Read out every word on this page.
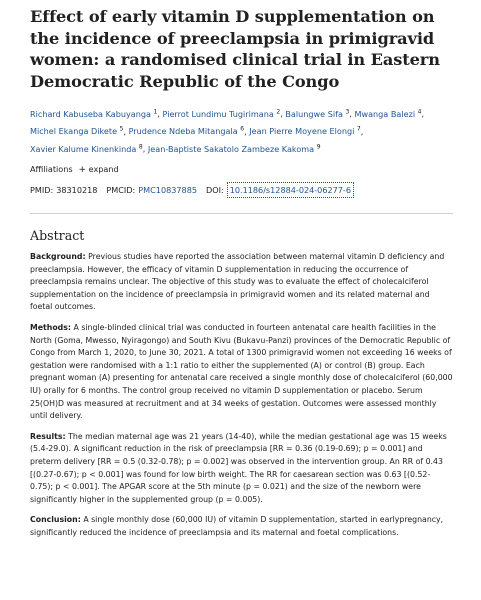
Effect of early vitamin D supplementation on the incidence of preeclampsia in primigravid women: a randomised clinical trial in Eastern Democratic Republic of the Congo
Richard Kabuseba Kabuyanga $^1$, Pierrot Lundimu Tugirimana $^2$, Balungwe Sifa $^3$, Mwanga Balezi $^4$,
Michel Ekanga Dikete $^5$, Prudence Ndeba Mitangala $^6$, Jean Pierre Moyene Elongi $^7$,
Xavier Kalume Kinenkinda $^8$, Jean-Baptiste Sakatolo Zambeze Kakoma $^9$
Affiliations + expand
PMID: 38310218 PMCID: PMC10837885 DOI: 10.1186/s12884-024-06277-6
Abstract

Background: Previous studies have reported the association between maternal vitamin D deficiency and preeclampsia. However, the efficacy of vitamin D supplementation in reducing the occurrence of preeclampsia remains unclear. The objective of this study was to evaluate the effect of cholecalciferol supplementation on the incidence of preeclampsia in primigravid women and its related maternal and foetal outcomes.

Methods: A single-blinded clinical trial was conducted in fourteen antenatal care health facilities in the North (Goma, Mwesso, Nyiragongo) and South Kivu (Bukavu-Panzi) provinces of the Democratic Republic of Congo from March 1, 2020, to June 30, 2021. A total of 1300 primigravid women not exceeding 16 weeks of gestation were randomised with a 1:1 ratio to either the supplemented (A) or control (B) group. Each pregnant woman (A) presenting for antenatal care received a single monthly dose of cholecalciferol (60,000 IU) orally for 6 months. The control group received no vitamin D supplementation or placebo. Serum 25(OH)D was measured at recruitment and at 34 weeks of gestation. Outcomes were assessed monthly until delivery.

Results: The median maternal age was 21 years (14-40), while the median gestational age was 15 weeks (5.4-29.0). A significant reduction in the risk of preeclampsia [RR = 0.36 (0.19-0.69); p = 0.001] and preterm delivery [RR = 0.5 (0.32-0.78); p = 0.002] was observed in the intervention group. An RR of 0.43 [(0.27-0.67); p < 0.001] was found for low birth weight. The RR for caesarean section was 0.63 [(0.52-0.75); p < 0.001]. The APGAR score at the 5th minute (p = 0.021) and the size of the newborn were significantly higher in the supplemented group (p = 0.005).

Conclusion: A single monthly dose (60,000 IU) of vitamin D supplementation, started in earlypregnancy, significantly reduced the incidence of preeclampsia and its maternal and foetal complications.
